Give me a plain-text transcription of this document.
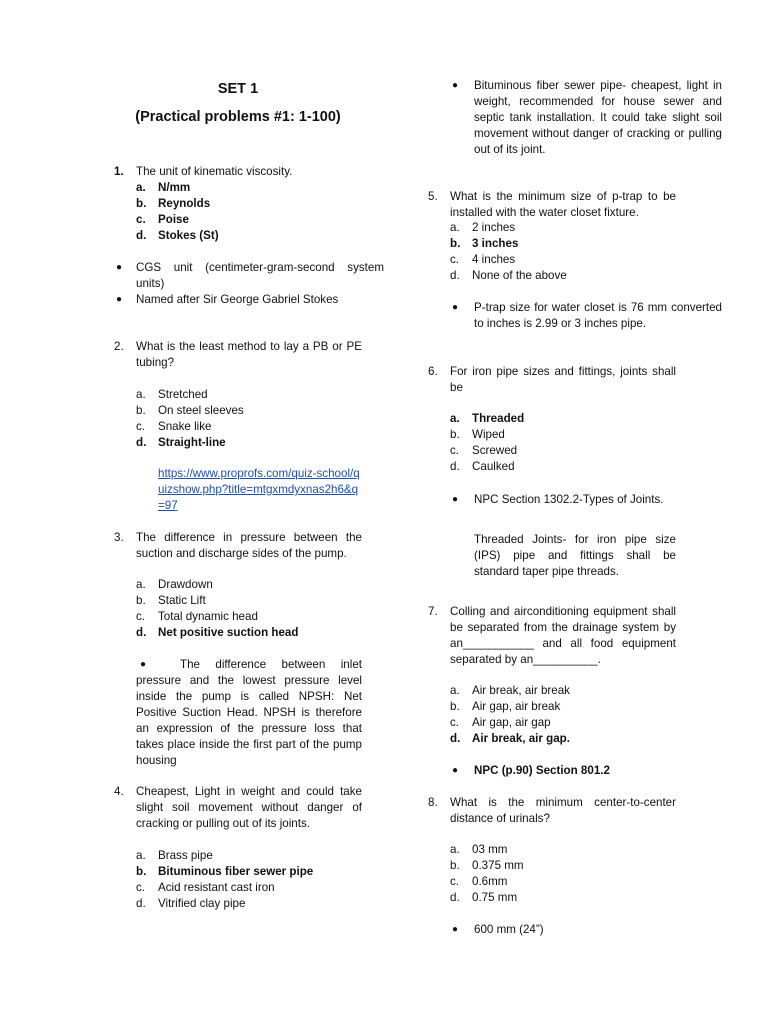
SET 1
(Practical problems #1: 1-100)
1. The unit of kinematic viscosity.
a. N/mm
b. Reynolds
c. Poise
d. Stokes (St)
● CGS unit (centimeter-gram-second system units)
● Named after Sir George Gabriel Stokes
2. What is the least method to lay a PB or PE tubing?
a. Stretched
b. On steel sleeves
c. Snake like
d. Straight-line
https://www.proprofs.com/quiz-school/quizshow.php?title=mtgxmdyxnas2h6&q=97
3. The difference in pressure between the suction and discharge sides of the pump.
a. Drawdown
b. Static Lift
c. Total dynamic head
d. Net positive suction head
●	The difference between inlet pressure and the lowest pressure level inside the pump is called NPSH: Net Positive Suction Head. NPSH is therefore an expression of the pressure loss that takes place inside the first part of the pump housing
4. Cheapest, Light in weight and could take slight soil movement without danger of cracking or pulling out of its joints.
a. Brass pipe
b. Bituminous fiber sewer pipe
c. Acid resistant cast iron
d. Vitrified clay pipe
● Bituminous fiber sewer pipe- cheapest, light in weight, recommended for house sewer and septic tank installation. It could take slight soil movement without danger of cracking or pulling out of its joint.
5. What is the minimum size of p-trap to be installed with the water closet fixture.
a. 2 inches
b. 3 inches
c. 4 inches
d. None of the above
● P-trap size for water closet is 76 mm converted to inches is 2.99 or 3 inches pipe.
6. For iron pipe sizes and fittings, joints shall be
a. Threaded
b. Wiped
c. Screwed
d. Caulked
● NPC Section 1302.2-Types of Joints.
Threaded Joints- for iron pipe size (IPS) pipe and fittings shall be standard taper pipe threads.
7. Colling and airconditioning equipment shall be separated from the drainage system by an___________ and all food equipment separated by an__________.
a. Air break, air break
b. Air gap, air break
c. Air gap, air gap
d. Air break, air gap.
● NPC (p.90) Section 801.2
8. What is the minimum center-to-center distance of urinals?
a. 03 mm
b. 0.375 mm
c. 0.6mm
d. 0.75 mm
● 600 mm (24”)
